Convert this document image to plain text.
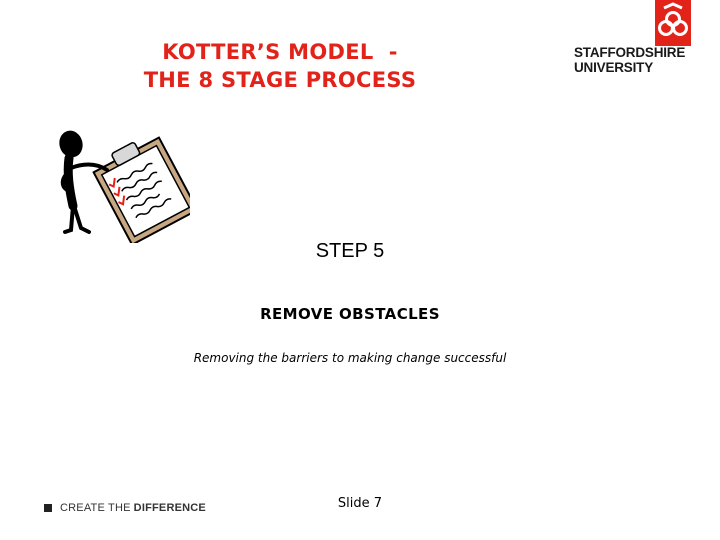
KOTTER’S MODEL  -
THE 8 STAGE PROCESS
STAFFORDSHIRE
UNIVERSITY
STEP 5
REMOVE OBSTACLES
Removing the barriers to making change successful
CREATE THE DIFFERENCE	Slide 7
